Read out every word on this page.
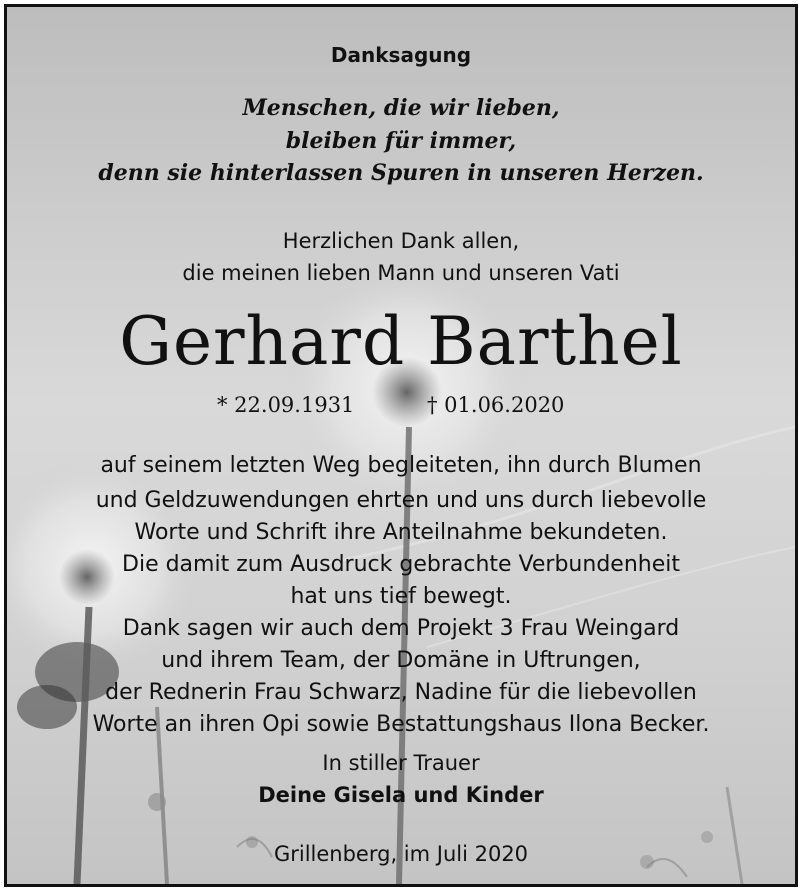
Danksagung
Menschen, die wir lieben,
bleiben für immer,
denn sie hinterlassen Spuren in unseren Herzen.
Herzlichen Dank allen,
die meinen lieben Mann und unseren Vati
Gerhard Barthel
* 22.09.1931	† 01.06.2020
auf seinem letzten Weg begleiteten, ihn durch Blumen
und Geldzuwendungen ehrten und uns durch liebevolle
Worte und Schrift ihre Anteilnahme bekundeten.
Die damit zum Ausdruck gebrachte Verbundenheit
hat uns tief bewegt.
Dank sagen wir auch dem Projekt 3 Frau Weingard
und ihrem Team, der Domäne in Uftrungen,
der Rednerin Frau Schwarz, Nadine für die liebevollen
Worte an ihren Opi sowie Bestattungshaus Ilona Becker.
In stiller Trauer
Deine Gisela und Kinder
Grillenberg, im Juli 2020
